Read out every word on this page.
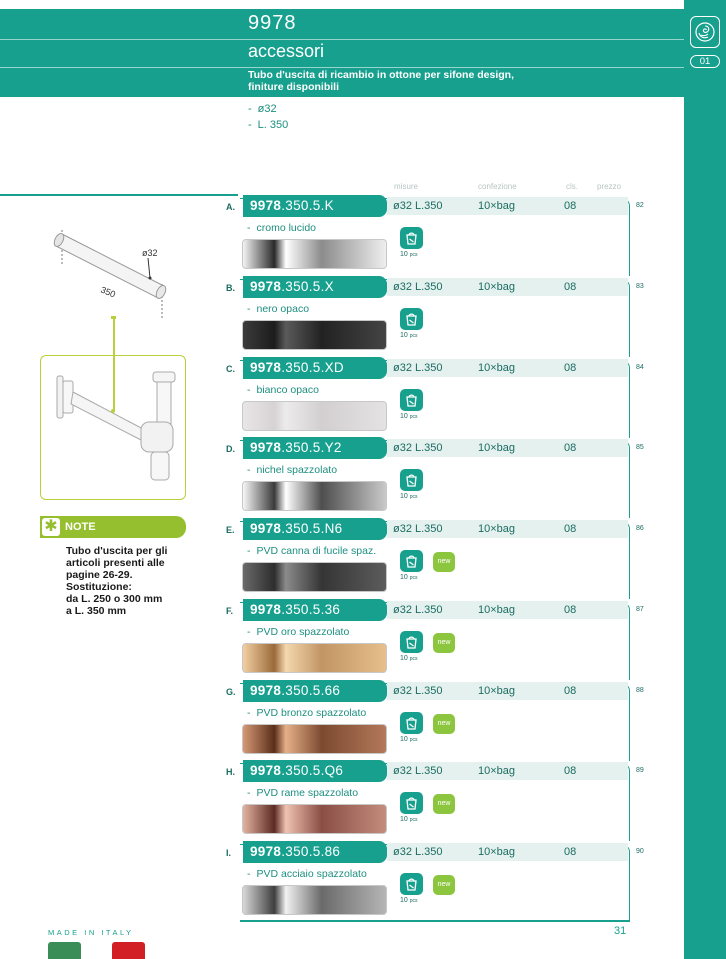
9978
accessori
Tubo d'uscita di ricambio in ottone per sifone design, finiture disponibili
01
- ø32
- L. 350
misure	confezione	cls. prezzo
ø32
350
NOTE
✱
Tubo d'uscita per gli articoli presenti alle pagine 26-29.
Sostituzione:
da L. 250 o 300 mm
a L. 350 mm
A.	9978.350.5.K	ø32 L.350	10×bag	08	82
- cromo lucido
10 pcs
B.	9978.350.5.X	ø32 L.350	10×bag	08	83
- nero opaco
10 pcs
C.	9978.350.5.XD	ø32 L.350	10×bag	08	84
- bianco opaco
10 pcs
D.	9978.350.5.Y2	ø32 L.350	10×bag	08	85
- nichel spazzolato
10 pcs
E.	9978.350.5.N6	ø32 L.350	10×bag	08	86
- PVD canna di fucile spaz.
10 pcs
new
F.	9978.350.5.36	ø32 L.350	10×bag	08	87
- PVD oro spazzolato
10 pcs
new
G.	9978.350.5.66	ø32 L.350	10×bag	08	88
- PVD bronzo spazzolato
10 pcs
new
H.	9978.350.5.Q6	ø32 L.350	10×bag	08	89
- PVD rame spazzolato
10 pcs
new
I.	9978.350.5.86	ø32 L.350	10×bag	08	90
- PVD acciaio spazzolato
10 pcs
new
MADE IN ITALY	31
